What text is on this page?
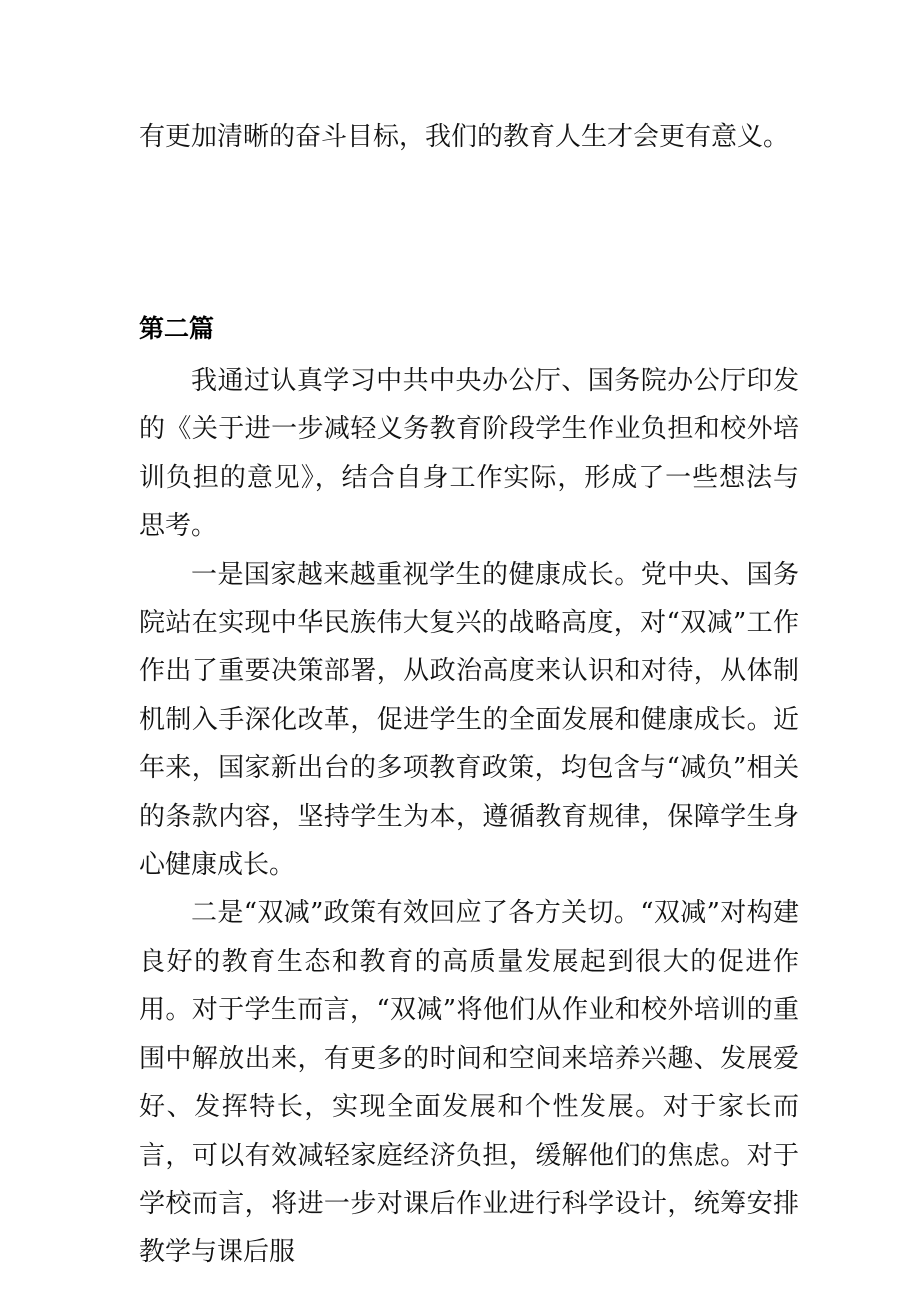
有更加清晰的奋斗目标，我们的教育人生才会更有意义。
第二篇

我通过认真学习中共中央办公厅、国务院办公厅印发的《关于进一步减轻义务教育阶段学生作业负担和校外培训负担的意见》，结合自身工作实际，形成了一些想法与思考。

一是国家越来越重视学生的健康成长。党中央、国务院站在实现中华民族伟大复兴的战略高度，对“双减”工作作出了重要决策部署，从政治高度来认识和对待，从体制机制入手深化改革，促进学生的全面发展和健康成长。近年来，国家新出台的多项教育政策，均包含与“减负”相关的条款内容，坚持学生为本，遵循教育规律，保障学生身心健康成长。

二是“双减”政策有效回应了各方关切。“双减”对构建良好的教育生态和教育的高质量发展起到很大的促进作用。对于学生而言，“双减”将他们从作业和校外培训的重围中解放出来，有更多的时间和空间来培养兴趣、发展爱好、发挥特长，实现全面发展和个性发展。对于家长而言，可以有效减轻家庭经济负担，缓解他们的焦虑。对于学校而言，将进一步对课后作业进行科学设计，统筹安排教学与课后服
